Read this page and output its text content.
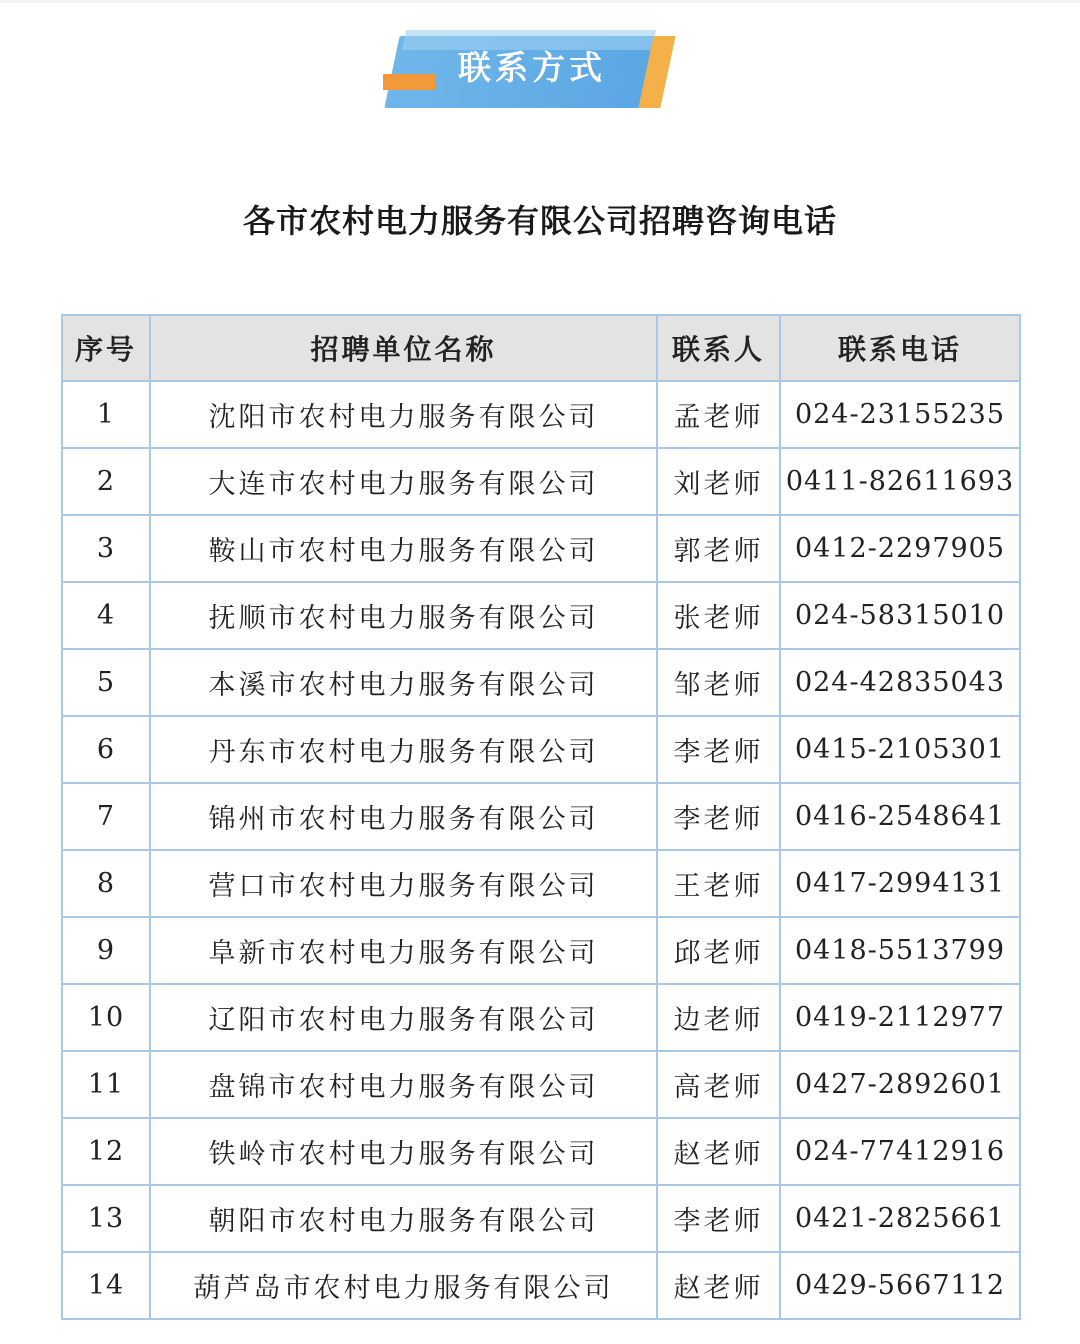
联系方式
各市农村电力服务有限公司招聘咨询电话
序号	招聘单位名称	联系人	联系电话
1	沈阳市农村电力服务有限公司	孟老师	024-23155235
2	大连市农村电力服务有限公司	刘老师	0411-82611693
3	鞍山市农村电力服务有限公司	郭老师	0412-2297905
4	抚顺市农村电力服务有限公司	张老师	024-58315010
5	本溪市农村电力服务有限公司	邹老师	024-42835043
6	丹东市农村电力服务有限公司	李老师	0415-2105301
7	锦州市农村电力服务有限公司	李老师	0416-2548641
8	营口市农村电力服务有限公司	王老师	0417-2994131
9	阜新市农村电力服务有限公司	邱老师	0418-5513799
10	辽阳市农村电力服务有限公司	边老师	0419-2112977
11	盘锦市农村电力服务有限公司	高老师	0427-2892601
12	铁岭市农村电力服务有限公司	赵老师	024-77412916
13	朝阳市农村电力服务有限公司	李老师	0421-2825661
14	葫芦岛市农村电力服务有限公司	赵老师	0429-5667112
